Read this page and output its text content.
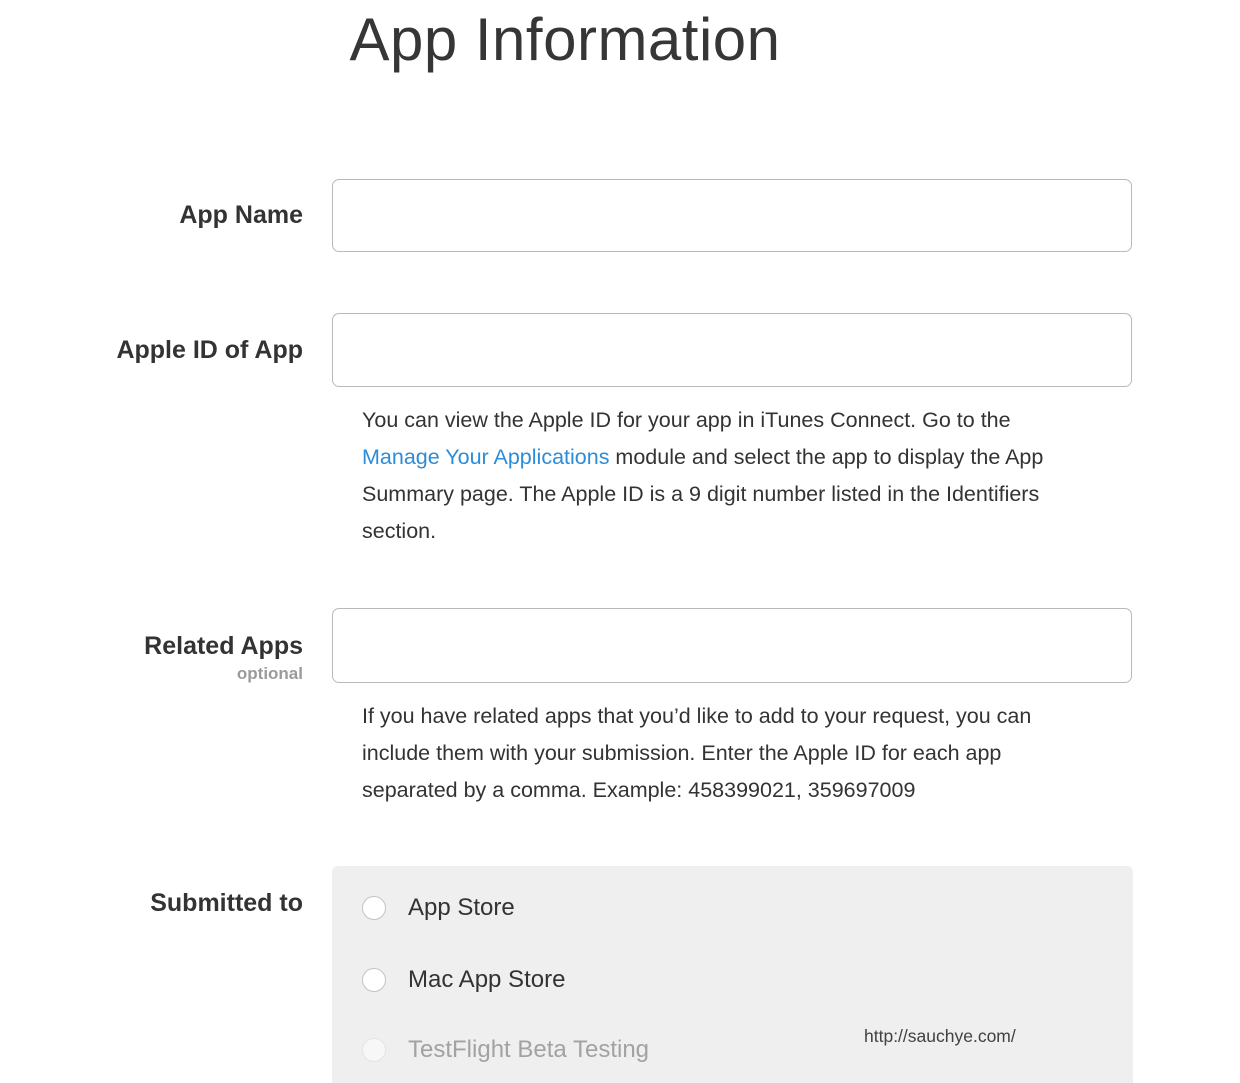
App Information
App Name
Apple ID of App

You can view the Apple ID for your app in iTunes Connect. Go to the Manage Your Applications module and select the app to display the App Summary page. The Apple ID is a 9 digit number listed in the Identifiers section.

Related Apps
optional

If you have related apps that you’d like to add to your request, you can include them with your submission. Enter the Apple ID for each app separated by a comma. Example: 458399021, 359697009

Submitted to	App Store
Mac App Store
TestFlight Beta Testing	http://sauchye.com/
